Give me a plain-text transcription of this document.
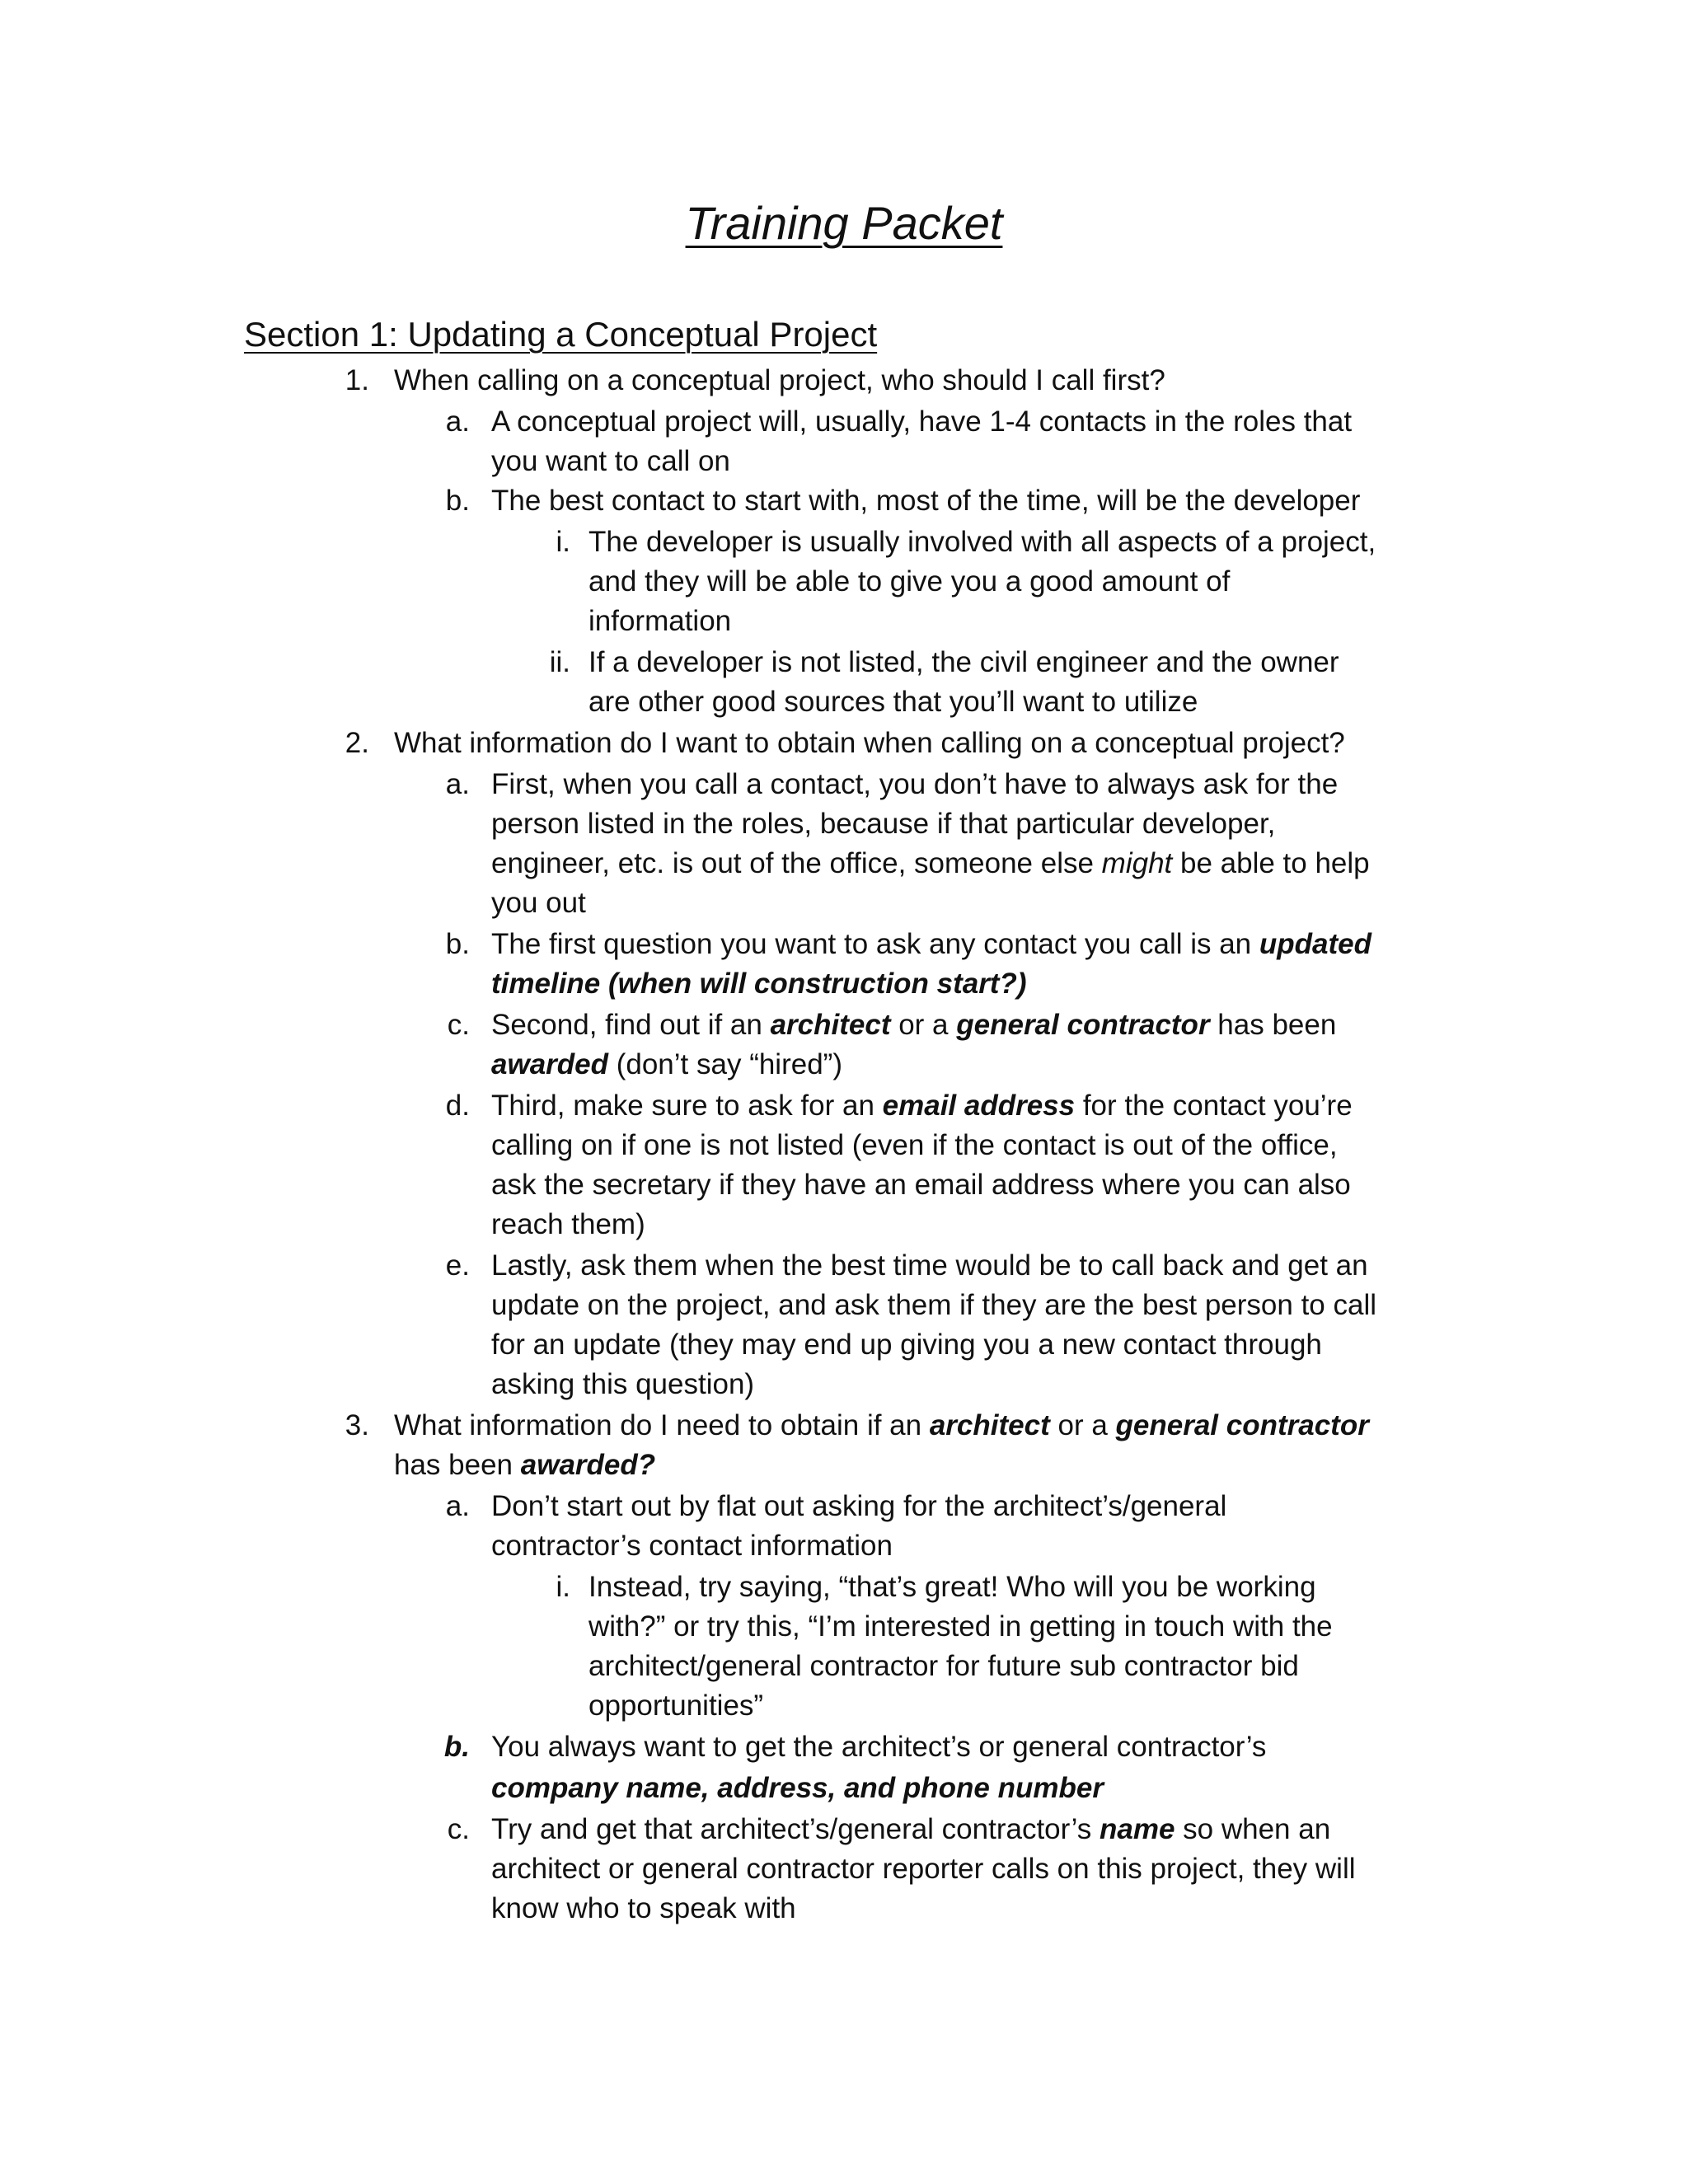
Training Packet
Section 1: Updating a Conceptual Project
1. When calling on a conceptual project, who should I call first?
a. A conceptual project will, usually, have 1-4 contacts in the roles that
you want to call on
b. The best contact to start with, most of the time, will be the developer
i. The developer is usually involved with all aspects of a project,
and they will be able to give you a good amount of
information
ii. If a developer is not listed, the civil engineer and the owner
are other good sources that you’ll want to utilize
2. What information do I want to obtain when calling on a conceptual project?
a. First, when you call a contact, you don’t have to always ask for the
person listed in the roles, because if that particular developer,
engineer, etc. is out of the office, someone else might be able to help
you out
b. The first question you want to ask any contact you call is an updated
timeline (when will construction start?)
c. Second, find out if an architect or a general contractor has been
awarded (don’t say “hired”)
d. Third, make sure to ask for an email address for the contact you’re
calling on if one is not listed (even if the contact is out of the office,
ask the secretary if they have an email address where you can also
reach them)
e. Lastly, ask them when the best time would be to call back and get an
update on the project, and ask them if they are the best person to call
for an update (they may end up giving you a new contact through
asking this question)
3. What information do I need to obtain if an architect or a general contractor
has been awarded?
a. Don’t start out by flat out asking for the architect’s/general
contractor’s contact information
i. Instead, try saying, “that’s great! Who will you be working
with?” or try this, “I’m interested in getting in touch with the
architect/general contractor for future sub contractor bid
opportunities”
b. You always want to get the architect’s or general contractor’s
company name, address, and phone number
c. Try and get that architect’s/general contractor’s name so when an
architect or general contractor reporter calls on this project, they will
know who to speak with
